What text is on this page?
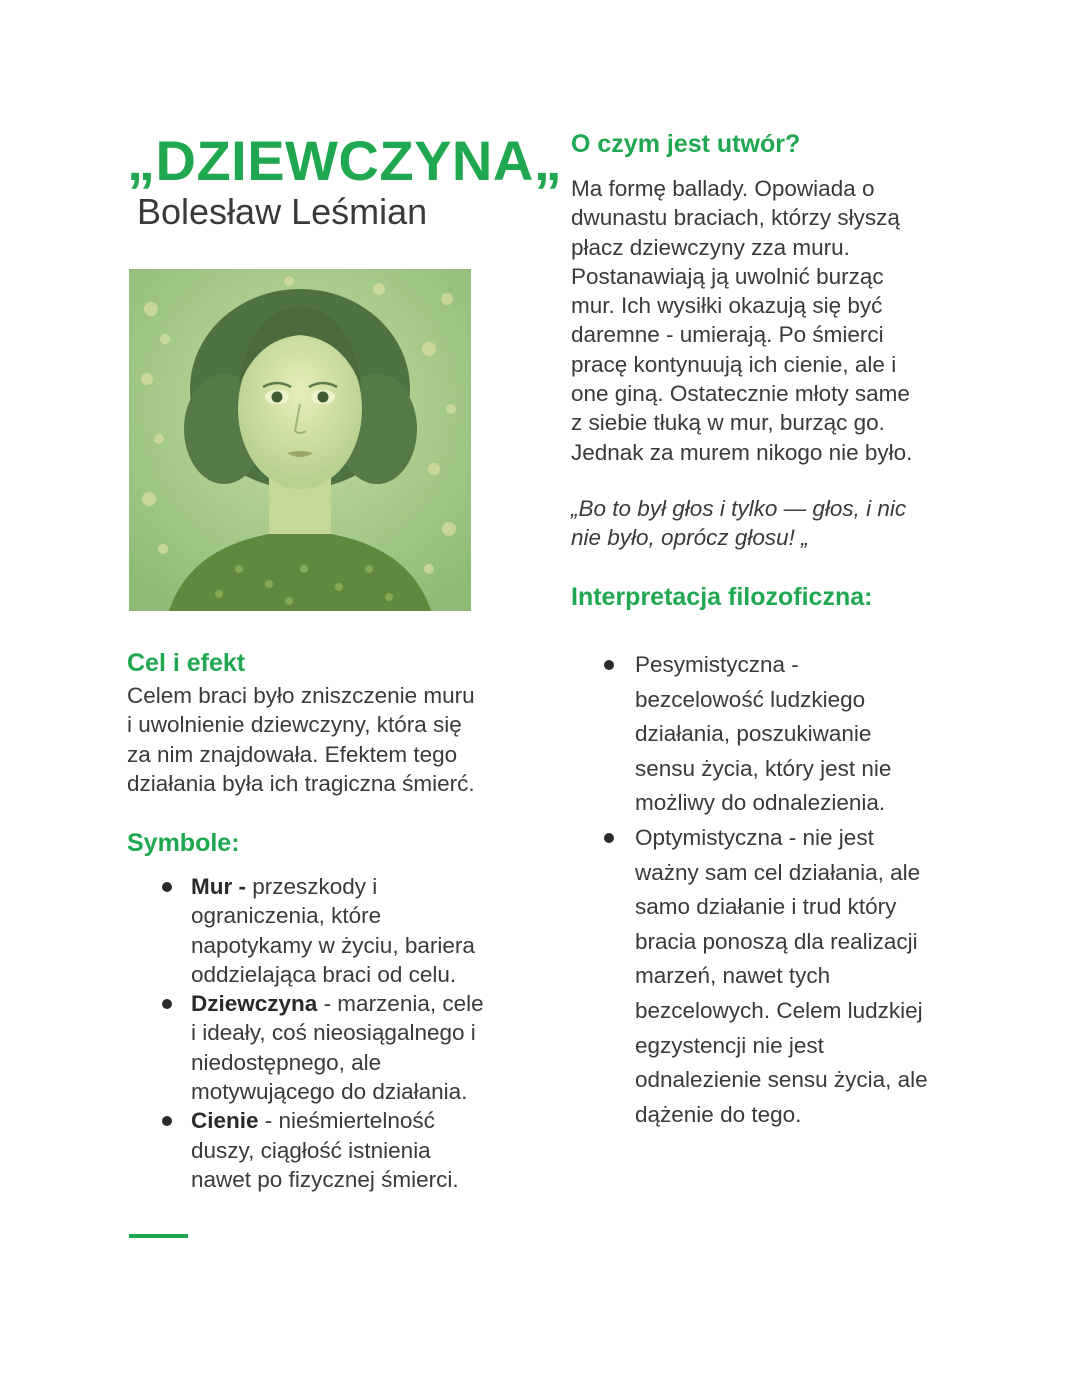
„DZIEWCZYNA„
Bolesław Leśmian
O czym jest utwór?
Ma formę ballady. Opowiada o
dwunastu braciach, którzy słyszą
płacz dziewczyny zza muru.
Postanawiają ją uwolnić burząc
mur. Ich wysiłki okazują się być
daremne - umierają. Po śmierci
pracę kontynuują ich cienie, ale i
one giną. Ostatecznie młoty same
z siebie tłuką w mur, burząc go.
Jednak za murem nikogo nie było.
„Bo to był głos i tylko — głos, i nic
nie było, oprócz głosu! „
Interpretacja filozoficzna:
Pesymistyczna -
bezcelowość ludzkiego
działania, poszukiwanie
sensu życia, który jest nie
możliwy do odnalezienia.
Optymistyczna - nie jest
ważny sam cel działania, ale
samo działanie i trud który
bracia ponoszą dla realizacji
marzeń, nawet tych
bezcelowych. Celem ludzkiej
egzystencji nie jest
odnalezienie sensu życia, ale
dążenie do tego.
Cel i efekt
Celem braci było zniszczenie muru
i uwolnienie dziewczyny, która się
za nim znajdowała. Efektem tego
działania była ich tragiczna śmierć.
Symbole:
Mur - przeszkody i
ograniczenia, które
napotykamy w życiu, bariera
oddzielająca braci od celu.
Dziewczyna - marzenia, cele
i ideały, coś nieosiągalnego i
niedostępnego, ale
motywującego do działania.
Cienie - nieśmiertelność
duszy, ciągłość istnienia
nawet po fizycznej śmierci.
